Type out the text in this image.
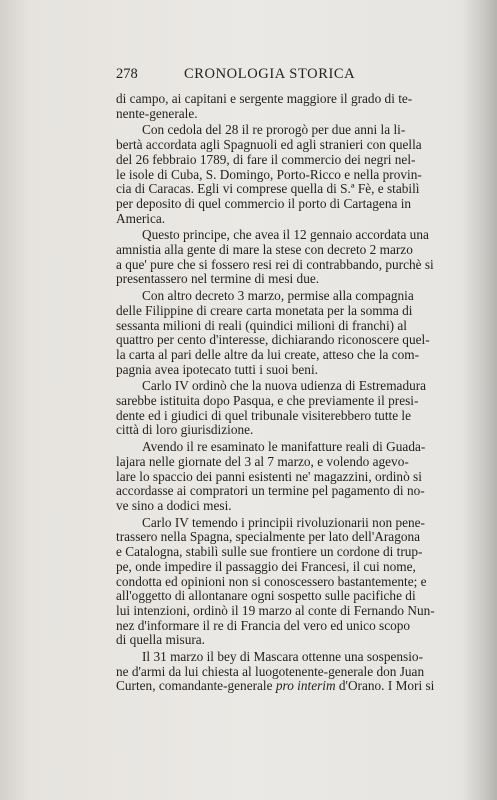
278	CRONOLOGIA STORICA

di campo, ai capitani e sergente maggiore il grado di te-
nente-generale.

Con cedola del 28 il re prorogò per due anni la li-
bertà accordata agli Spagnuoli ed agli stranieri con quella
del 26 febbraio 1789, di fare il commercio dei negri nel-
le isole di Cuba, S. Domingo, Porto-Ricco e nella provin-
cia di Caracas. Egli vi comprese quella di S.ª Fè, e stabilì
per deposito di quel commercio il porto di Cartagena in
America.

Questo principe, che avea il 12 gennaio accordata una
amnistia alla gente di mare la stese con decreto 2 marzo
a que' pure che si fossero resi rei di contrabbando, purchè si
presentassero nel termine di mesi due.

Con altro decreto 3 marzo, permise alla compagnia
delle Filippine di creare carta monetata per la somma di
sessanta milioni di reali (quindici milioni di franchi) al
quattro per cento d'interesse, dichiarando riconoscere quel-
la carta al pari delle altre da lui create, atteso che la com-
pagnia avea ipotecato tutti i suoi beni.

Carlo IV ordinò che la nuova udienza di Estremadura
sarebbe istituita dopo Pasqua, e che previamente il presi-
dente ed i giudici di quel tribunale visiterebbero tutte le
città di loro giurisdizione.

Avendo il re esaminato le manifatture reali di Guada-
lajara nelle giornate del 3 al 7 marzo, e volendo agevo-
lare lo spaccio dei panni esistenti ne' magazzini, ordinò si
accordasse ai compratori un termine pel pagamento di no-
ve sino a dodici mesi.

Carlo IV temendo i principii rivoluzionarii non pene-
trassero nella Spagna, specialmente per lato dell'Aragona
e Catalogna, stabilì sulle sue frontiere un cordone di trup-
pe, onde impedire il passaggio dei Francesi, il cui nome,
condotta ed opinioni non si conoscessero bastantemente; e
all'oggetto di allontanare ogni sospetto sulle pacifiche di
lui intenzioni, ordinò il 19 marzo al conte di Fernando Nun-
nez d'informare il re di Francia del vero ed unico scopo
di quella misura.

Il 31 marzo il bey di Mascara ottenne una sospensio-
ne d'armi da lui chiesta al luogotenente-generale don Juan
Curten, comandante-generale pro interim d'Orano. I Mori si
